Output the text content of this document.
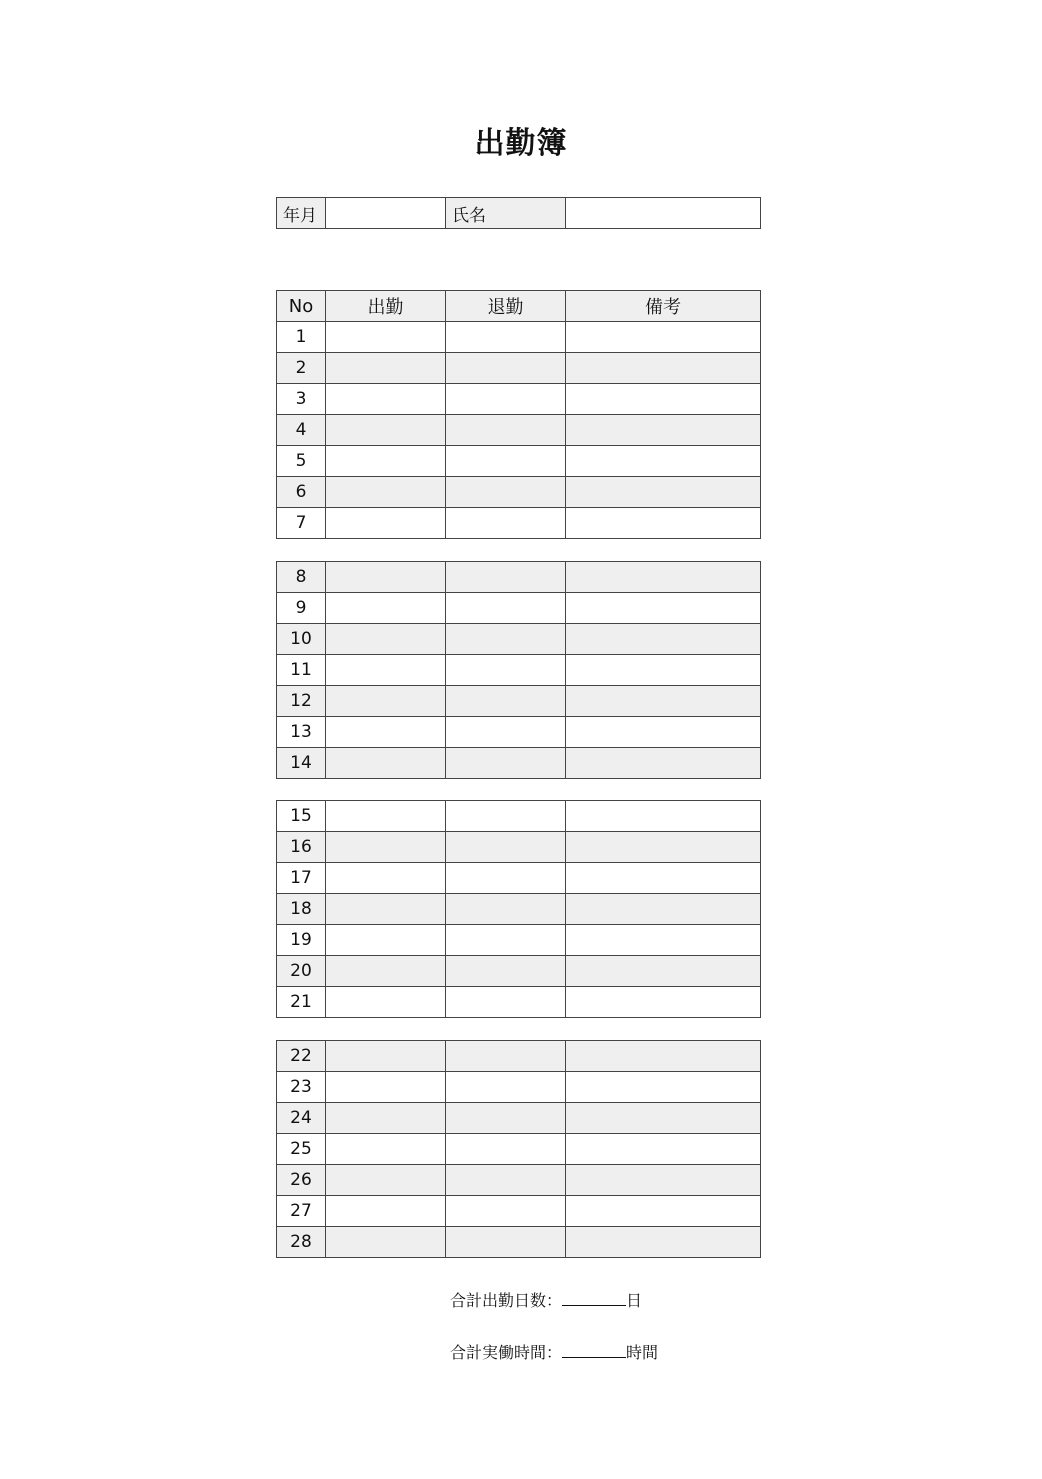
出勤簿
年月		氏名	
No	出勤	退勤	備考
1			
2			
3			
4			
5			
6			
7			
8			
9			
10			
11			
12			
13			
14			
15			
16			
17			
18			
19			
20			
21			
22			
23			
24			
25			
26			
27			
28			
合計出勤日数：	日
合計実働時間：	時間
